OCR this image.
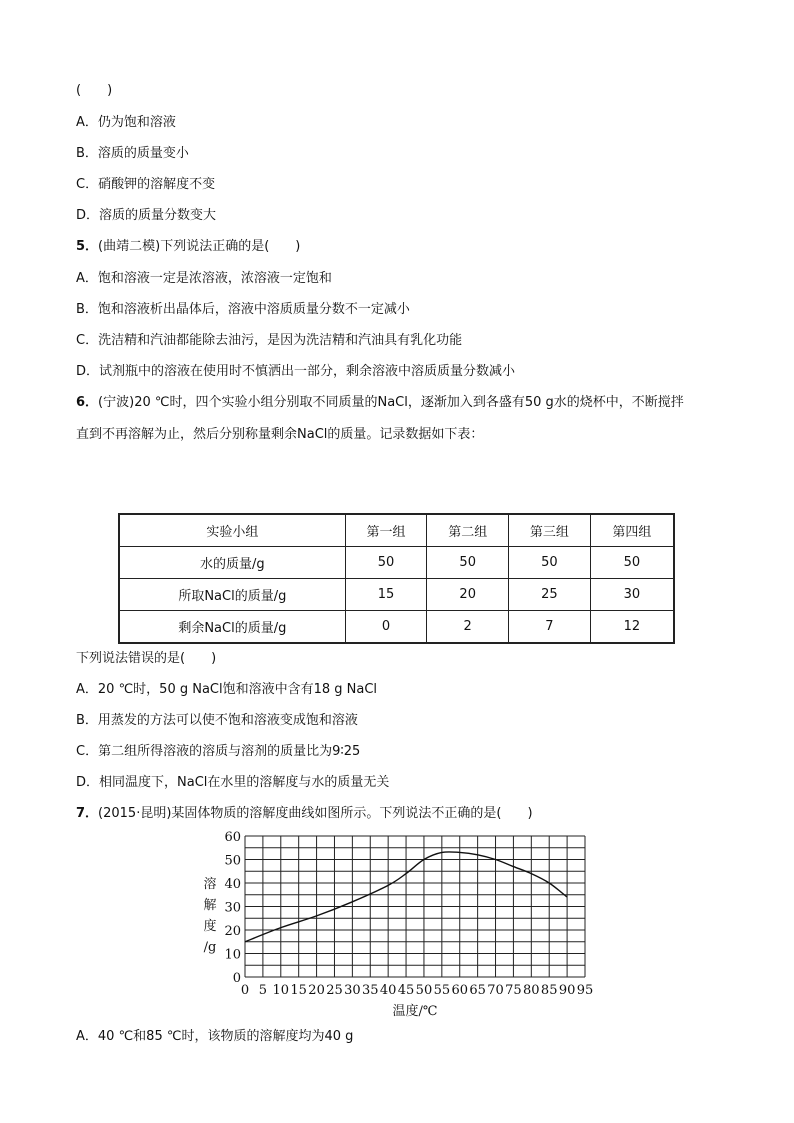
(　　)
A．仍为饱和溶液
B．溶质的质量变小
C．硝酸钾的溶解度不变
D．溶质的质量分数变大
5．(曲靖二模)下列说法正确的是(　　)
A．饱和溶液一定是浓溶液，浓溶液一定饱和
B．饱和溶液析出晶体后，溶液中溶质质量分数不一定减小
C．洗洁精和汽油都能除去油污，是因为洗洁精和汽油具有乳化功能
D．试剂瓶中的溶液在使用时不慎洒出一部分，剩余溶液中溶质质量分数减小
6．(宁波)20 ℃时，四个实验小组分别取不同质量的NaCl，逐渐加入到各盛有50 g水的烧杯中，不断搅拌
直到不再溶解为止，然后分别称量剩余NaCl的质量。记录数据如下表：
实验小组	第一组	第二组	第三组	第四组
水的质量/g	50	50	50	50
所取NaCl的质量/g	15	20	25	30
剩余NaCl的质量/g	0	2	7	12
下列说法错误的是(　　)
A．20 ℃时，50 g NaCl饱和溶液中含有18 g NaCl
B．用蒸发的方法可以使不饱和溶液变成饱和溶液
C．第二组所得溶液的溶质与溶剂的质量比为9∶25
D．相同温度下，NaCl在水里的溶解度与水的质量无关
7．(2015·昆明)某固体物质的溶解度曲线如图所示。下列说法不正确的是(　　)
0
10
20
30
40
50
60
0 5 10 15 20 25 30 35 40 45 50 55 60 65 70 75 80 85 90 95
溶
解
度
/g
温度/℃
A．40 ℃和85 ℃时，该物质的溶解度均为40 g
